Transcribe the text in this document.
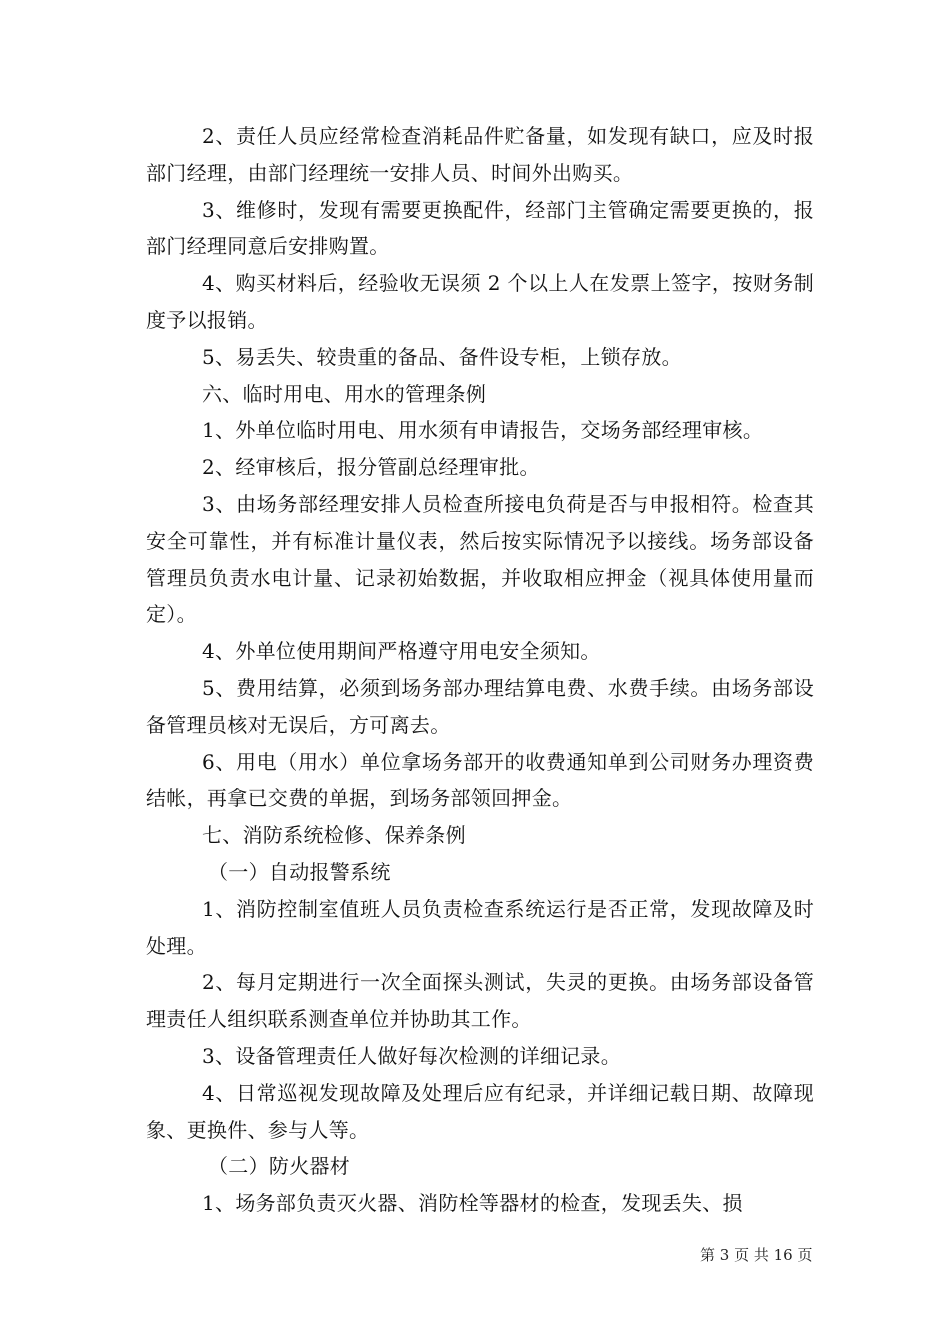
2、责任人员应经常检查消耗品件贮备量，如发现有缺口，应及时报部门经理，由部门经理统一安排人员、时间外出购买。

3、维修时，发现有需要更换配件，经部门主管确定需要更换的，报部门经理同意后安排购置。

4、购买材料后，经验收无误须 2 个以上人在发票上签字，按财务制度予以报销。

5、易丢失、较贵重的备品、备件设专柜，上锁存放。

六、临时用电、用水的管理条例

1、外单位临时用电、用水须有申请报告，交场务部经理审核。

2、经审核后，报分管副总经理审批。

3、由场务部经理安排人员检查所接电负荷是否与申报相符。检查其安全可靠性，并有标准计量仪表，然后按实际情况予以接线。场务部设备管理员负责水电计量、记录初始数据，并收取相应押金（视具体使用量而定）。

4、外单位使用期间严格遵守用电安全须知。

5、费用结算，必须到场务部办理结算电费、水费手续。由场务部设备管理员核对无误后，方可离去。

6、用电（用水）单位拿场务部开的收费通知单到公司财务办理资费结帐，再拿已交费的单据，到场务部领回押金。

七、消防系统检修、保养条例

（一）自动报警系统

1、消防控制室值班人员负责检查系统运行是否正常，发现故障及时处理。

2、每月定期进行一次全面探头测试，失灵的更换。由场务部设备管理责任人组织联系测查单位并协助其工作。

3、设备管理责任人做好每次检测的详细记录。

4、日常巡视发现故障及处理后应有纪录，并详细记载日期、故障现象、更换件、参与人等。

（二）防火器材

1、场务部负责灭火器、消防栓等器材的检查，发现丢失、损

第 3 页 共 16 页
